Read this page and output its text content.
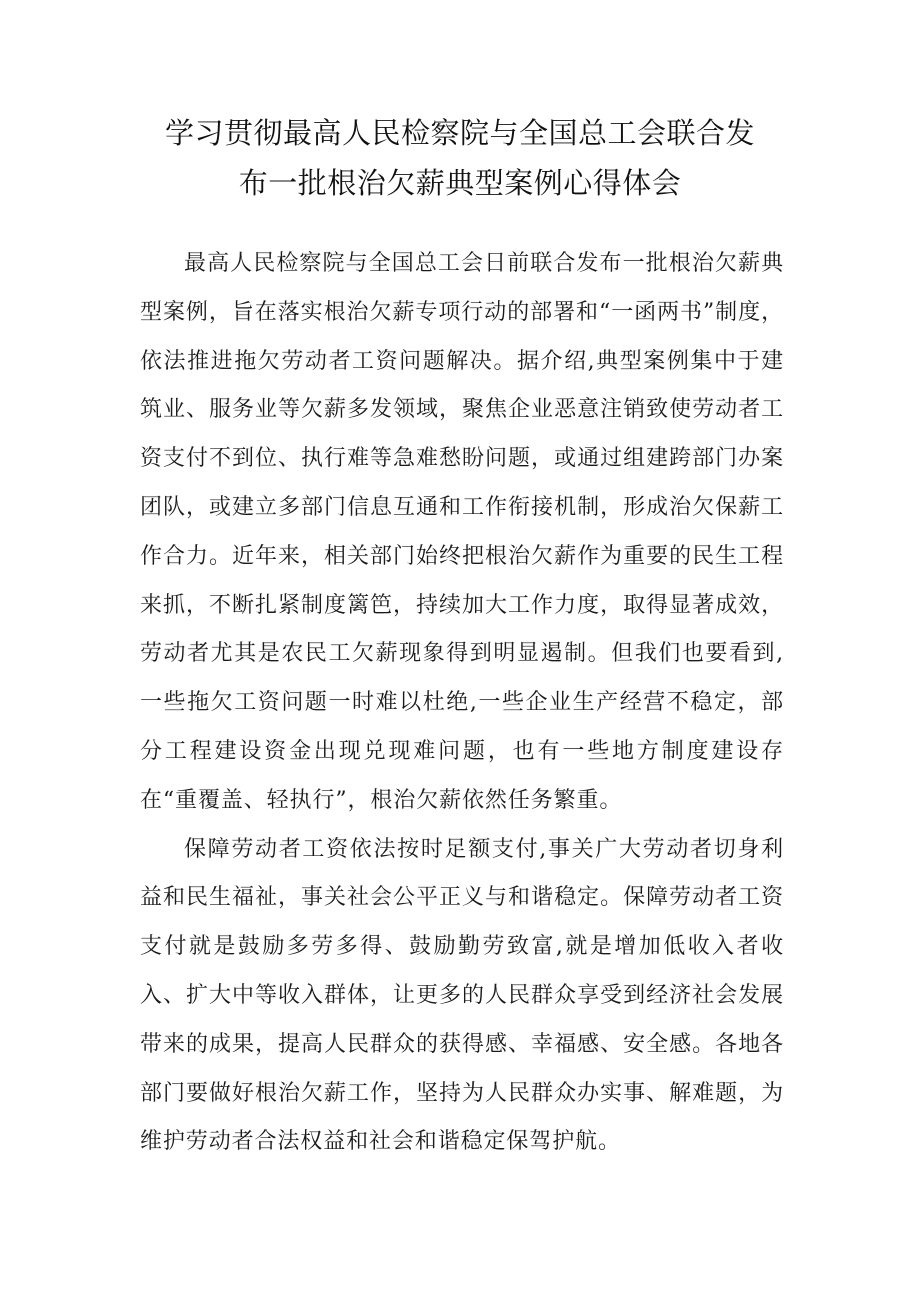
学习贯彻最高人民检察院与全国总工会联合发
布一批根治欠薪典型案例心得体会

最高人民检察院与全国总工会日前联合发布一批根治欠薪典型案例，旨在落实根治欠薪专项行动的部署和“一函两书”制度，依法推进拖欠劳动者工资问题解决。据介绍,典型案例集中于建筑业、服务业等欠薪多发领域，聚焦企业恶意注销致使劳动者工资支付不到位、执行难等急难愁盼问题，或通过组建跨部门办案团队，或建立多部门信息互通和工作衔接机制，形成治欠保薪工作合力。近年来，相关部门始终把根治欠薪作为重要的民生工程来抓，不断扎紧制度篱笆，持续加大工作力度，取得显著成效，劳动者尤其是农民工欠薪现象得到明显遏制。但我们也要看到,一些拖欠工资问题一时难以杜绝,一些企业生产经营不稳定，部分工程建设资金出现兑现难问题，也有一些地方制度建设存在“重覆盖、轻执行”，根治欠薪依然任务繁重。

保障劳动者工资依法按时足额支付,事关广大劳动者切身利益和民生福祉，事关社会公平正义与和谐稳定。保障劳动者工资支付就是鼓励多劳多得、鼓励勤劳致富,就是增加低收入者收入、扩大中等收入群体，让更多的人民群众享受到经济社会发展带来的成果，提高人民群众的获得感、幸福感、安全感。各地各部门要做好根治欠薪工作，坚持为人民群众办实事、解难题，为维护劳动者合法权益和社会和谐稳定保驾护航。
